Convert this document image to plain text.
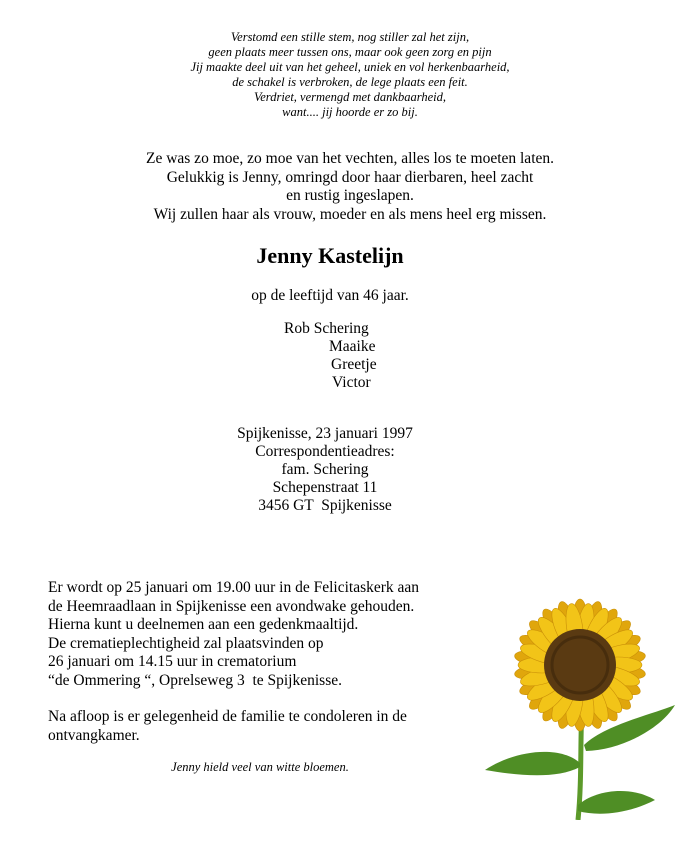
Verstomd een stille stem, nog stiller zal het zijn,
geen plaats meer tussen ons, maar ook geen zorg en pijn
Jij maakte deel uit van het geheel, uniek en vol herkenbaarheid,
de schakel is verbroken, de lege plaats een feit.
Verdriet, vermengd met dankbaarheid,
want.... jij hoorde er zo bij.
Ze was zo moe, zo moe van het vechten, alles los te moeten laten.
Gelukkig is Jenny, omringd door haar dierbaren, heel zacht
en rustig ingeslapen.
Wij zullen haar als vrouw, moeder en als mens heel erg missen.
Jenny Kastelijn
op de leeftijd van 46 jaar.
Rob Schering
Maaike
Greetje
Victor
Spijkenisse, 23 januari 1997
Correspondentieadres:
fam. Schering
Schepenstraat 11
3456 GT  Spijkenisse
Er wordt op 25 januari om 19.00 uur in de Felicitaskerk aan
de Heemraadlaan in Spijkenisse een avondwake gehouden.
Hierna kunt u deelnemen aan een gedenkmaaltijd.
De crematieplechtigheid zal plaatsvinden op
26 januari om 14.15 uur in crematorium
“de Ommering “, Oprelseweg 3  te Spijkenisse.
Na afloop is er gelegenheid de familie te condoleren in de
ontvangkamer.
Jenny hield veel van witte bloemen.
